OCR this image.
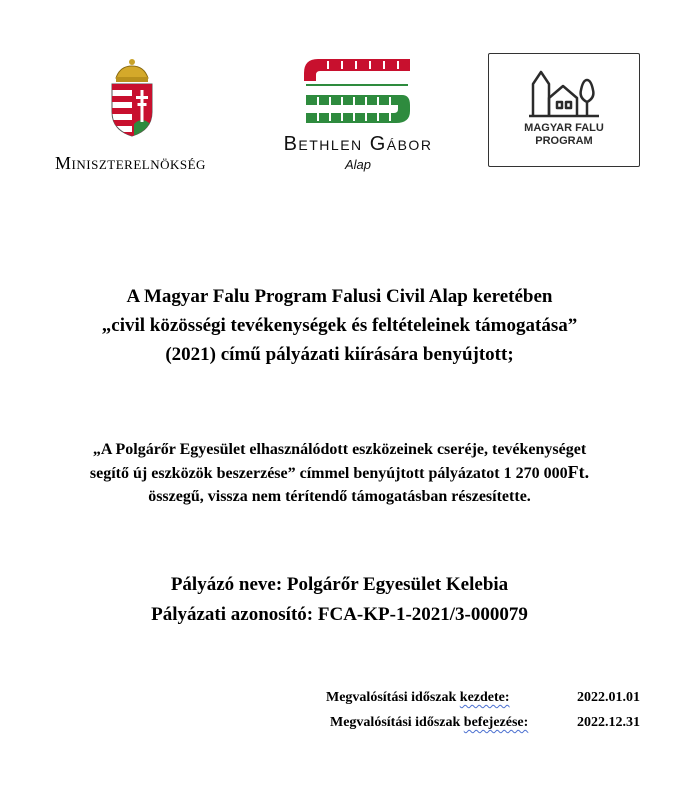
Miniszterelnökség
Bethlen Gábor
Alap
MAGYAR FALU
PROGRAM
A Magyar Falu Program Falusi Civil Alap keretében
„civil közösségi tevékenységek és feltételeinek támogatása”
(2021) című pályázati kiírására benyújtott;
„A Polgárőr Egyesület elhasználódott eszközeinek cseréje, tevékenységet
segítő új eszközök beszerzése” címmel benyújtott pályázatot 1 270 000Ft.
összegű, vissza nem térítendő támogatásban részesítette.
Pályázó neve: Polgárőr Egyesület Kelebia
Pályázati azonosító: FCA-KP-1-2021/3-000079
Megvalósítási időszak kezdete:	2022.01.01
Megvalósítási időszak befejezése:	2022.12.31
